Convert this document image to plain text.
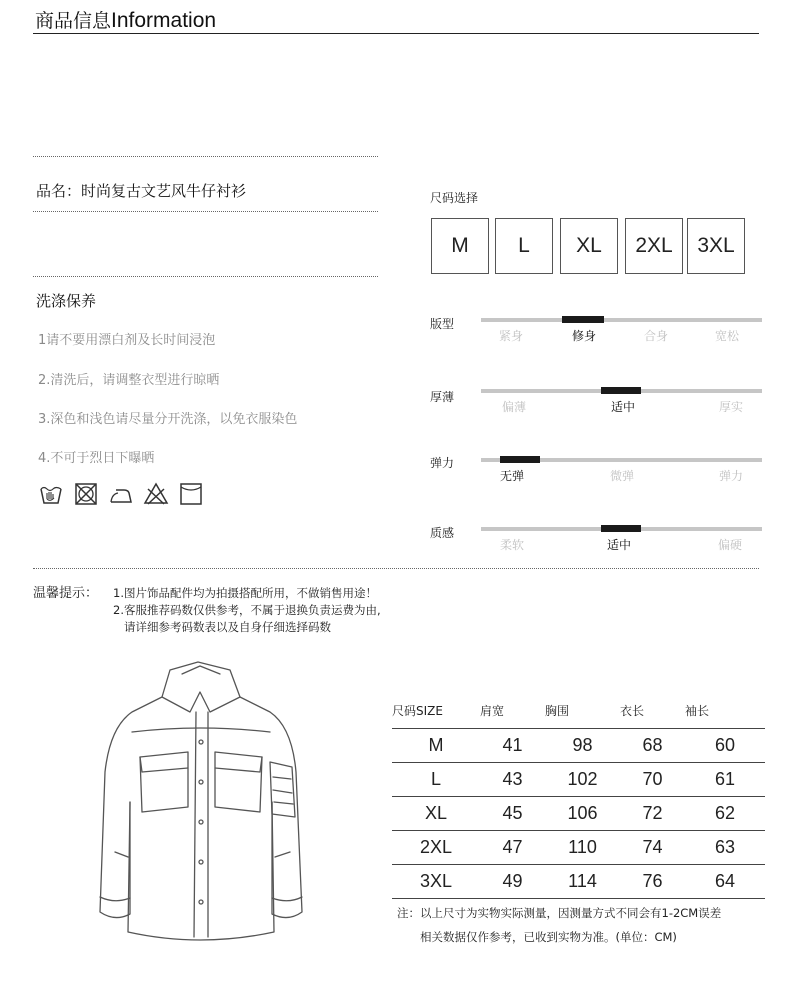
商品信息Information
品名：时尚复古文艺风牛仔衬衫
洗涤保养
1请不要用漂白剂及长时间浸泡
2.清洗后，请调整衣型进行晾晒
3.深色和浅色请尽量分开洗涤，以免衣服染色
4.不可于烈日下曝晒
尺码选择
M	L	XL	2XL	3XL
版型
紧身	修身	合身	宽松
厚薄
偏薄	适中	厚实
弹力
无弹	微弹	弹力
质感
柔软	适中	偏硬
温馨提示： 1.图片饰品配件均为拍摄搭配所用，不做销售用途！
2.客服推荐码数仅供参考，不属于退换负责运费为由,
请详细参考码数表以及自身仔细选择码数
尺码SIZE	肩宽	胸围	衣长	袖长
M	41	98	68	60
L	43	102	70	61
XL	45	106	72	62
2XL	47	110	74	63
3XL	49	114	76	64
注：以上尺寸为实物实际测量，因测量方式不同会有1-2CM误差
相关数据仅作参考，已收到实物为准。(单位：CM)
